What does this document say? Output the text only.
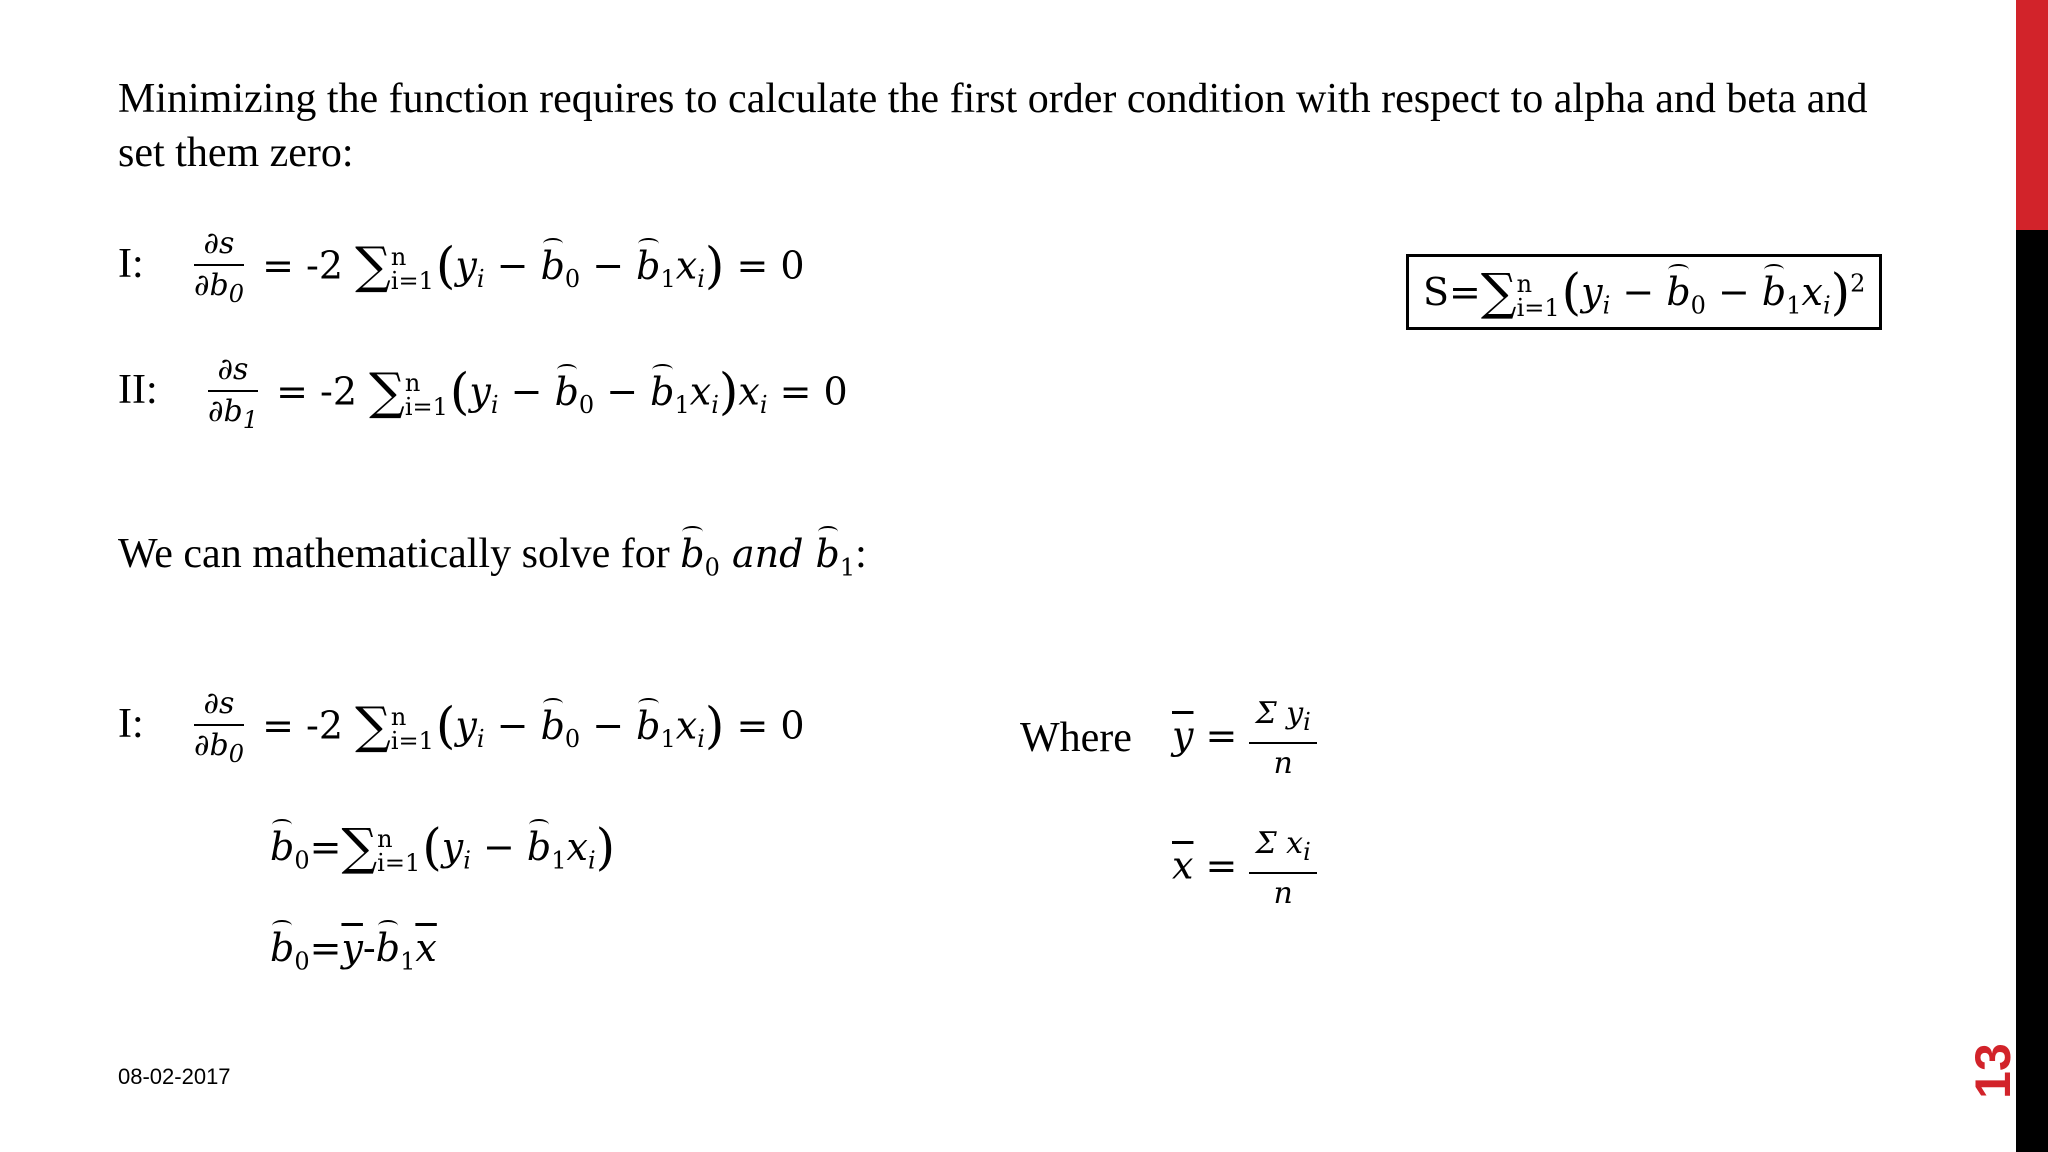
Minimizing the function requires to calculate the first order condition with respect to alpha and beta and set them zero:
I: $\frac{\partial s}{\partial b_0} = -2$ ∑ n
i=1 $(y_i - b_0 - b_1x_i) = 0$
II: $\frac{\partial s}{\partial b_1} = -2$ ∑ n
i=1 $(y_i - b_0 - b_1x_i)x_i = 0$
S=∑ n
i=1 $(y_i - b_0 - b_1x_i)^2$
We can mathematically solve for $b_0$ and $b_1$:
I: $\frac{\partial s}{\partial b_0} = -2$ ∑ n
i=1 $(y_i - b_0 - b_1x_i) = 0$
$b_0=\sum$ n
i=1 $(y_i - b_1x_i)$
$b_0=\overline{y}-b_1\overline{x}$
Where $\overline{y} = \frac{\Sigma y_i}{n}$
$\overline{x} = \frac{\Sigma x_i}{n}$
08-02-2017	13
